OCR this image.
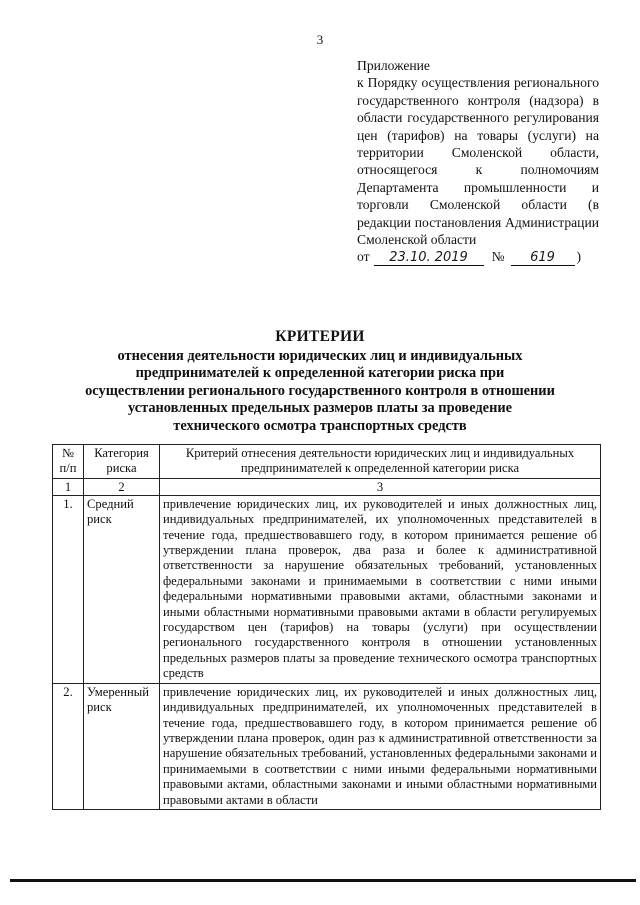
3
Приложение
к Порядку осуществления регионального государственного контроля (надзора) в области государственного регулирования цен (тарифов) на товары (услуги) на территории Смоленской области, относящегося к полномочиям Департамента промышленности и торговли Смоленской области (в редакции постановления Администрации Смоленской области
от	23.10. 2019	№	619	)
КРИТЕРИИ
отнесения деятельности юридических лиц и индивидуальных предпринимателей к определенной категории риска при осуществлении регионального государственного контроля в отношении установленных предельных размеров платы за проведение технического осмотра транспортных средств
№ п/п	Категория риска	Критерий отнесения деятельности юридических лиц и индивидуальных предпринимателей к определенной категории риска
1	2	3
1.	Средний риск	привлечение юридических лиц, их руководителей и иных должностных лиц, индивидуальных предпринимателей, их уполномоченных представителей в течение года, предшествовавшего году, в котором принимается решение об утверждении плана проверок, два раза и более к административной ответственности за нарушение обязательных требований, установленных федеральными законами и принимаемыми в соответствии с ними иными федеральными нормативными правовыми актами, областными законами и иными областными нормативными правовыми актами в области регулируемых государством цен (тарифов) на товары (услуги) при осуществлении регионального государственного контроля в отношении установленных предельных размеров платы за проведение технического осмотра транспортных средств
2.	Умеренный риск	привлечение юридических лиц, их руководителей и иных должностных лиц, индивидуальных предпринимателей, их уполномоченных представителей в течение года, предшествовавшего году, в котором принимается решение об утверждении плана проверок, один раз к административной ответственности за нарушение обязательных требований, установленных федеральными законами и принимаемыми в соответствии с ними иными федеральными нормативными правовыми актами, областными законами и иными областными нормативными правовыми актами в области
